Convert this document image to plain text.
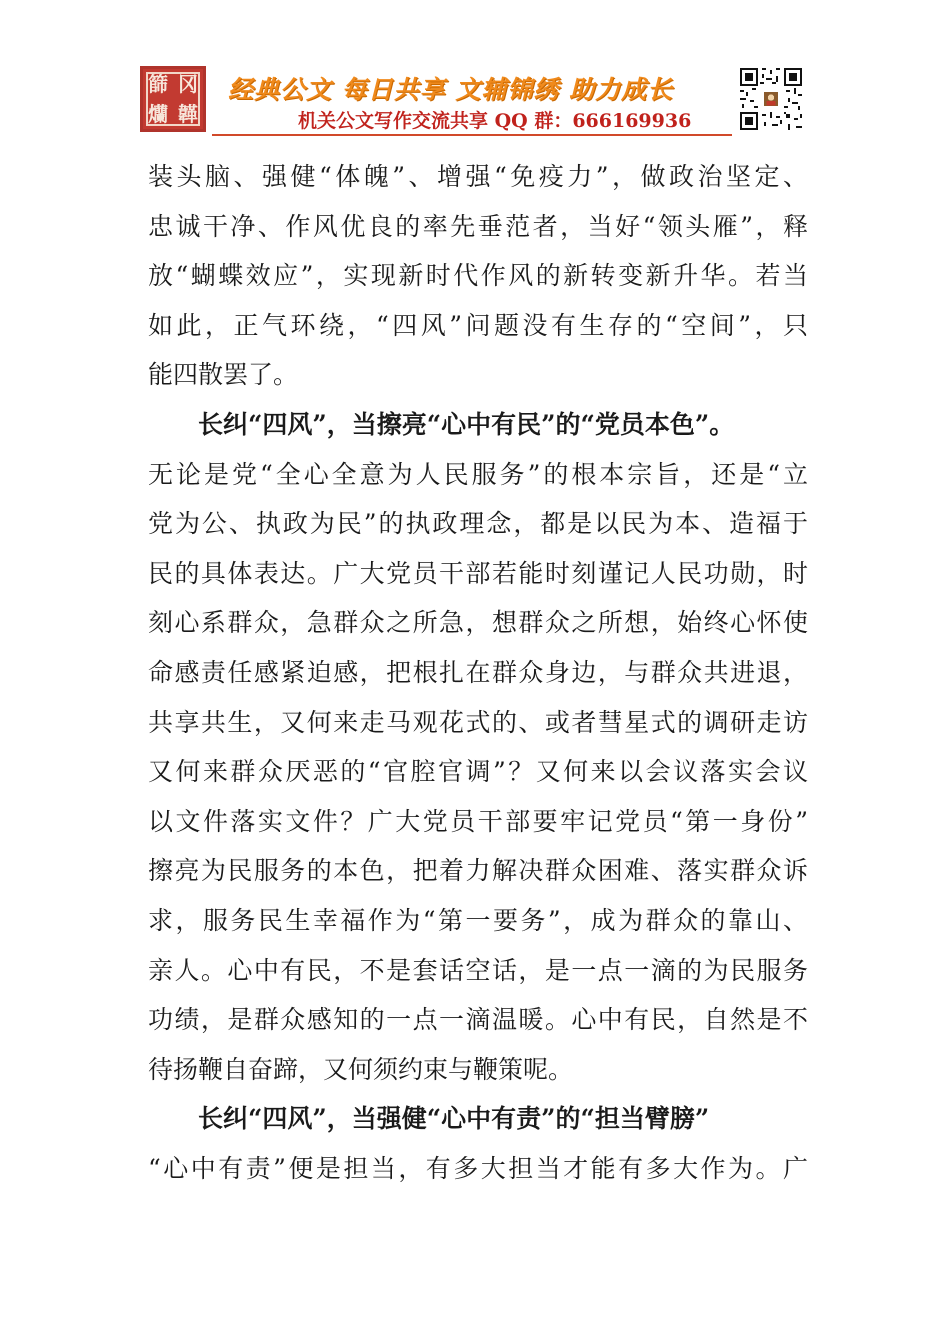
篩 冈
爤 韚
经典公文 每日共享 文辅锦绣 助力成长
机关公文写作交流共享 QQ 群：666169936
装头脑、强健“体魄”、增强“免疫力”，做政治坚定、
忠诚干净、作风优良的率先垂范者，当好“领头雁”，释
放“蝴蝶效应”，实现新时代作风的新转变新升华。若当
如此，正气环绕，“四风”问题没有生存的“空间”，只
能四散罢了。
　　长纠“四风”，当擦亮“心中有民”的“党员本色”。
无论是党“全心全意为人民服务”的根本宗旨，还是“立
党为公、执政为民”的执政理念，都是以民为本、造福于
民的具体表达。广大党员干部若能时刻谨记人民功勋，时
刻心系群众，急群众之所急，想群众之所想，始终心怀使
命感责任感紧迫感，把根扎在群众身边，与群众共进退，
共享共生，又何来走马观花式的、或者彗星式的调研走访
又何来群众厌恶的“官腔官调”？又何来以会议落实会议
以文件落实文件？广大党员干部要牢记党员“第一身份”
擦亮为民服务的本色，把着力解决群众困难、落实群众诉
求，服务民生幸福作为“第一要务”，成为群众的靠山、
亲人。心中有民，不是套话空话，是一点一滴的为民服务
功绩，是群众感知的一点一滴温暖。心中有民，自然是不
待扬鞭自奋蹄，又何须约束与鞭策呢。
　　长纠“四风”，当强健“心中有责”的“担当臂膀”
“心中有责”便是担当，有多大担当才能有多大作为。广
